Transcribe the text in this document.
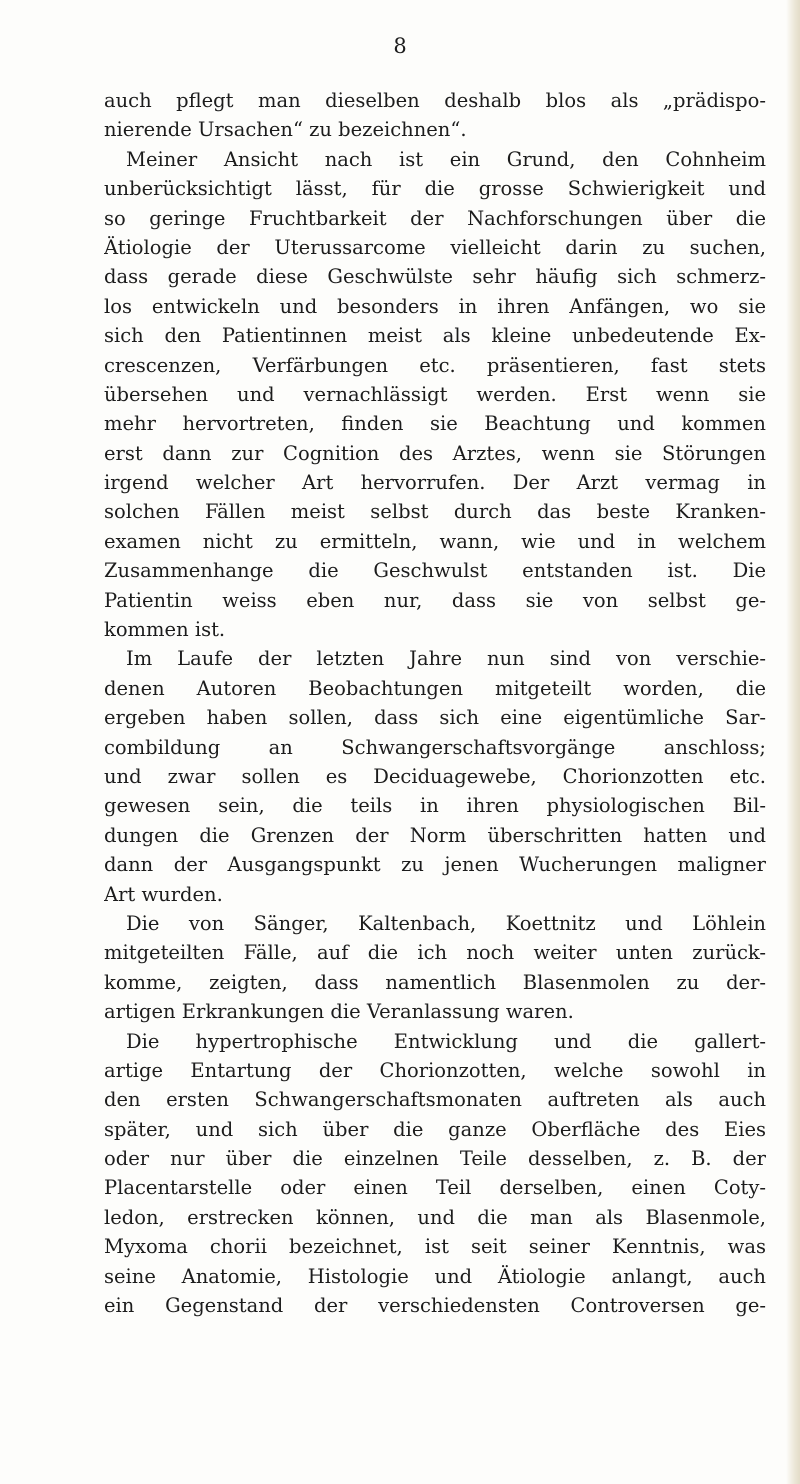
8
auch pflegt man dieselben deshalb blos als „prädispo-
nierende Ursachen“ zu bezeichnen“.
Meiner Ansicht nach ist ein Grund, den Cohnheim
unberücksichtigt lässt, für die grosse Schwierigkeit und
so geringe Fruchtbarkeit der Nachforschungen über die
Ätiologie der Uterussarcome vielleicht darin zu suchen,
dass gerade diese Geschwülste sehr häufig sich schmerz-
los entwickeln und besonders in ihren Anfängen, wo sie
sich den Patientinnen meist als kleine unbedeutende Ex-
crescenzen, Verfärbungen etc. präsentieren, fast stets
übersehen und vernachlässigt werden. Erst wenn sie
mehr hervortreten, finden sie Beachtung und kommen
erst dann zur Cognition des Arztes, wenn sie Störungen
irgend welcher Art hervorrufen. Der Arzt vermag in
solchen Fällen meist selbst durch das beste Kranken-
examen nicht zu ermitteln, wann, wie und in welchem
Zusammenhange die Geschwulst entstanden ist. Die
Patientin weiss eben nur, dass sie von selbst ge-
kommen ist.
Im Laufe der letzten Jahre nun sind von verschie-
denen Autoren Beobachtungen mitgeteilt worden, die
ergeben haben sollen, dass sich eine eigentümliche Sar-
combildung an Schwangerschaftsvorgänge anschloss;
und zwar sollen es Deciduagewebe, Chorionzotten etc.
gewesen sein, die teils in ihren physiologischen Bil-
dungen die Grenzen der Norm überschritten hatten und
dann der Ausgangspunkt zu jenen Wucherungen maligner
Art wurden.
Die von Sänger, Kaltenbach, Koettnitz und Löhlein
mitgeteilten Fälle, auf die ich noch weiter unten zurück-
komme, zeigten, dass namentlich Blasenmolen zu der-
artigen Erkrankungen die Veranlassung waren.
Die hypertrophische Entwicklung und die gallert-
artige Entartung der Chorionzotten, welche sowohl in
den ersten Schwangerschaftsmonaten auftreten als auch
später, und sich über die ganze Oberfläche des Eies
oder nur über die einzelnen Teile desselben, z. B. der
Placentarstelle oder einen Teil derselben, einen Coty-
ledon, erstrecken können, und die man als Blasenmole,
Myxoma chorii bezeichnet, ist seit seiner Kenntnis, was
seine Anatomie, Histologie und Ätiologie anlangt, auch
ein Gegenstand der verschiedensten Controversen ge-
